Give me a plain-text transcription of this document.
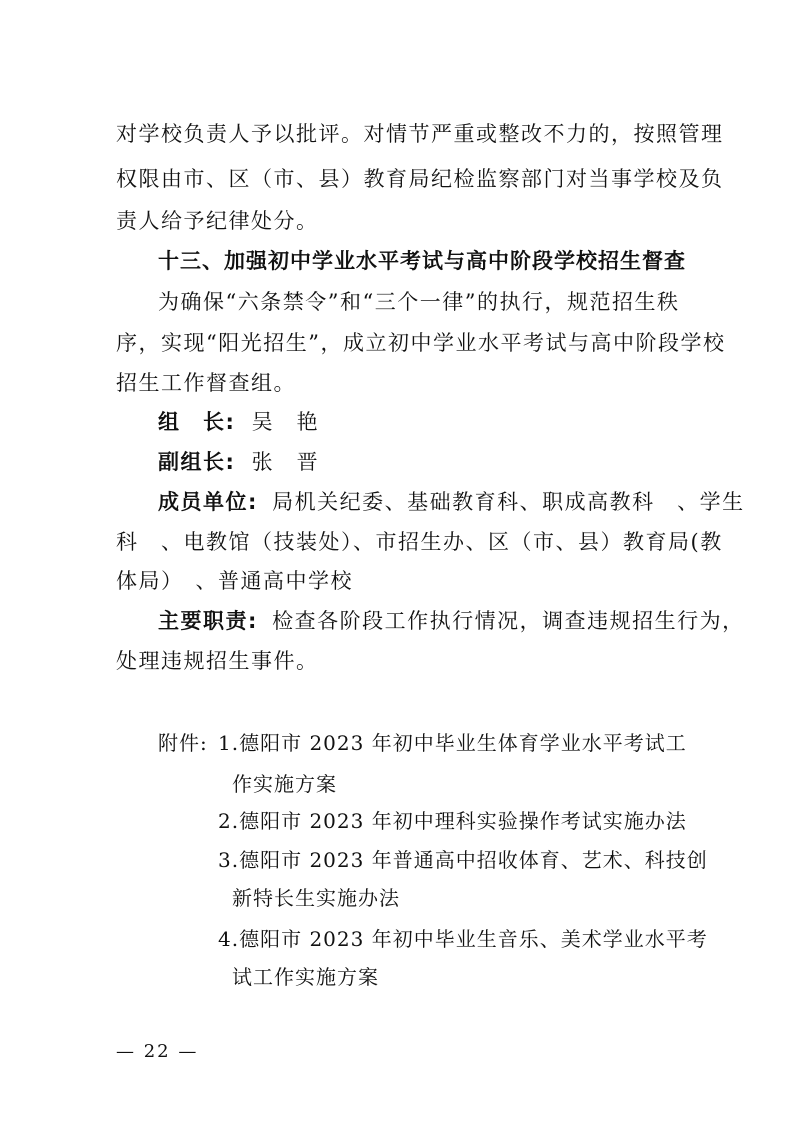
对学校负责人予以批评。对情节严重或整改不力的，按照管理
权限由市、区（市、县）教育局纪检监察部门对当事学校及负
责人给予纪律处分。
十三、加强初中学业水平考试与高中阶段学校招生督查
为确保“六条禁令”和“三个一律”的执行，规范招生秩
序，实现“阳光招生”，成立初中学业水平考试与高中阶段学校
招生工作督查组。
组　长: 吴　艳
副组长: 张　晋
成员单位: 局机关纪委、基础教育科、职成高教科　、学生
科　、电教馆（技装处）、市招生办、区（市、县）教育局(教
体局）　、普通高中学校
主要职责: 检查各阶段工作执行情况，调查违规招生行为，
处理违规招生事件。
附件: 1.德阳市 2023 年初中毕业生体育学业水平考试工
作实施方案
2.德阳市 2023 年初中理科实验操作考试实施办法
3.德阳市 2023 年普通高中招收体育、艺术、科技创
新特长生实施办法
4.德阳市 2023 年初中毕业生音乐、美术学业水平考
试工作实施方案
— 22 —
